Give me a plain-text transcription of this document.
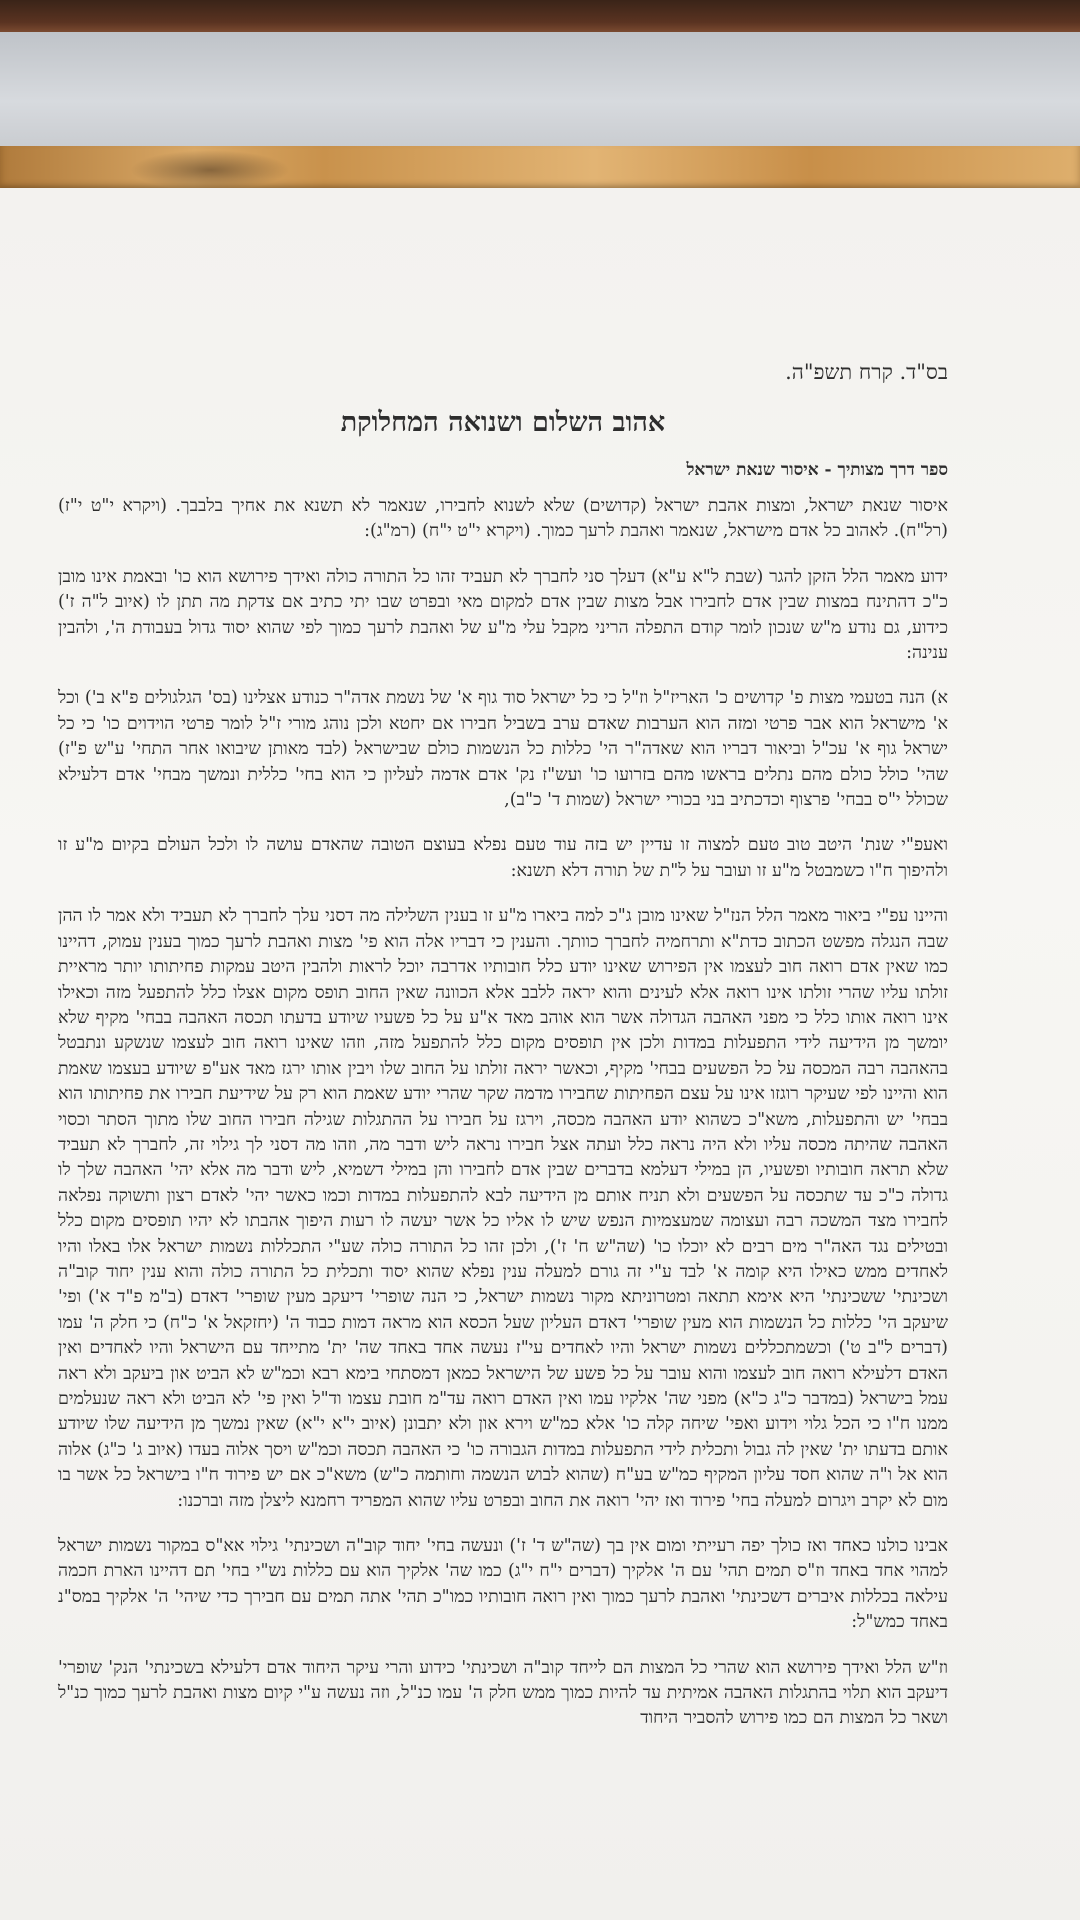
בס"ד. קרח תשפ"ה.
אהוב השלום ושנואה המחלוקת
ספר דרך מצותיך - איסור שנאת ישראל

איסור שנאת ישראל, ומצות אהבת ישראל (קדושים) שלא לשנוא לחבירו, שנאמר לא תשנא את אחיך בלבבך. (ויקרא י"ט י"ז) (רל"ח). לאהוב כל אדם מישראל, שנאמר ואהבת לרעך כמוך. (ויקרא י"ט י"ח) (רמ"ג):

ידוע מאמר הלל הזקן להגר (שבת ל"א ע"א) דעלך סני לחברך לא תעביד זהו כל התורה כולה ואידך פירושא הוא כו' ובאמת אינו מובן כ"כ דהתינח במצות שבין אדם לחבירו אבל מצות שבין אדם למקום מאי ובפרט שבו יתי כתיב אם צדקת מה תתן לו (איוב ל"ה ז') כידוע, גם נודע מ"ש שנכון לומר קודם התפלה הריני מקבל עלי מ"ע של ואהבת לרעך כמוך לפי שהוא יסוד גדול בעבודת ה', ולהבין ענינה:

א) הנה בטעמי מצות פ' קדושים כ' האריז"ל וז"ל כי כל ישראל סוד גוף א' של נשמת אדה"ר כנודע אצלינו (בס' הגלגולים פ"א ב') וכל א' מישראל הוא אבר פרטי ומזה הוא הערבות שאדם ערב בשביל חבירו אם יחטא ולכן נוהג מורי ז"ל לומר פרטי הוידוים כו' כי כל ישראל גוף א' עכ"ל וביאור דבריו הוא שאדה"ר הי' כללות כל הנשמות כולם שבישראל (לבד מאותן שיבואו אחר התחי' ע"ש פ"ז) שהי' כולל כולם מהם נתלים בראשו מהם בזרועו כו' ועש"ז נק' אדם אדמה לעליון כי הוא בחי' כללית ונמשך מבחי' אדם דלעילא שכולל י"ס בבחי' פרצוף וכדכתיב בני בכורי ישראל (שמות ד' כ"ב),

ואעפ"י שנת' היטב טוב טעם למצוה זו עדיין יש בזה עוד טעם נפלא בעוצם הטובה שהאדם עושה לו ולכל העולם בקיום מ"ע זו ולהיפוך ח"ו כשמבטל מ"ע זו ועובר על ל"ת של תורה דלא תשנא:

והיינו עפ"י ביאור מאמר הלל הנז"ל שאינו מובן ג"כ למה ביארו מ"ע זו בענין השלילה מה דסני עלך לחברך לא תעביד ולא אמר לו ההן שבה הנגלה מפשט הכתוב כדת"א ותרחמיה לחברך כוותך. והענין כי דבריו אלה הוא פי' מצות ואהבת לרעך כמוך בענין עמוק, דהיינו כמו שאין אדם רואה חוב לעצמו אין הפירוש שאינו יודע כלל חובותיו אדרבה יוכל לראות ולהבין היטב עמקות פחיתותו יותר מראיית זולתו עליו שהרי זולתו אינו רואה אלא לעינים והוא יראה ללבב אלא הכוונה שאין החוב תופס מקום אצלו כלל להתפעל מזה וכאילו אינו רואה אותו כלל כי מפני האהבה הגדולה אשר הוא אוהב מאד א"ע על כל פשעיו שיודע בדעתו תכסה האהבה בבחי' מקיף שלא יומשך מן הידיעה לידי התפעלות במדות ולכן אין תופסים מקום כלל להתפעל מזה, וזהו שאינו רואה חוב לעצמו שנשקע ונתבטל בהאהבה רבה המכסה על כל הפשעים בבחי' מקיף, וכאשר יראה זולתו על החוב שלו ויבין אותו ירגז מאד אע"פ שיודע בעצמו שאמת הוא והיינו לפי שעיקר רוגזו אינו על עצם הפחיתות שחבירו מדמה שקר שהרי יודע שאמת הוא רק על שידיעת חבירו את פחיתותו הוא בבחי' יש והתפעלות, משא"כ כשהוא יודע האהבה מכסה, וירגז על חבירו על ההתגלות שגילה חבירו החוב שלו מתוך הסתר וכסוי האהבה שהיתה מכסה עליו ולא היה נראה כלל ועתה אצל חבירו נראה ליש ודבר מה, וזהו מה דסני לך גילוי זה, לחברך לא תעביד שלא תראה חובותיו ופשעיו, הן במילי דעלמא בדברים שבין אדם לחבירו והן במילי דשמיא, ליש ודבר מה אלא יהי' האהבה שלך לו גדולה כ"כ עד שתכסה על הפשעים ולא תניח אותם מן הידיעה לבא להתפעלות במדות וכמו כאשר יהי' לאדם רצון ותשוקה נפלאה לחבירו מצד המשכה רבה ועצומה שמעצמיות הנפש שיש לו אליו כל אשר יעשה לו רעות היפוך אהבתו לא יהיו תופסים מקום כלל ובטילים נגד האה"ר מים רבים לא יוכלו כו' (שה"ש ח' ז'), ולכן זהו כל התורה כולה שע"י התכללות נשמות ישראל אלו באלו והיו לאחדים ממש כאילו היא קומה א' לבד ע"י זה גורם למעלה ענין נפלא שהוא יסוד ותכלית כל התורה כולה והוא ענין יחוד קוב"ה ושכינתי' ששכינתי' היא אימא תתאה ומטרוניתא מקור נשמות ישראל, כי הנה שופרי' דיעקב מעין שופרי' דאדם (ב"מ פ"ד א') ופי' שיעקב הי' כללות כל הנשמות הוא מעין שופרי' דאדם העליון שעל הכסא הוא מראה דמות כבוד ה' (יחזקאל א' כ"ח) כי חלק ה' עמו (דברים ל"ב ט') וכשמתכללים נשמות ישראל והיו לאחדים עי"ז נעשה אחד באחד שה' ית' מתייחד עם הישראל והיו לאחדים ואין האדם דלעילא רואה חוב לעצמו והוא עובר על כל פשע של הישראל כמאן דמסתחי בימא רבא וכמ"ש לא הביט און ביעקב ולא ראה עמל בישראל (במדבר כ"ג כ"א) מפני שה' אלקיו עמו ואין האדם רואה עד"מ חובת עצמו וד"ל ואין פי' לא הביט ולא ראה שנעלמים ממנו ח"ו כי הכל גלוי וידוע ואפי' שיחה קלה כו' אלא כמ"ש וירא און ולא יתבונן (איוב י"א י"א) שאין נמשך מן הידיעה שלו שיודע אותם בדעתו ית' שאין לה גבול ותכלית לידי התפעלות במדות הגבורה כו' כי האהבה תכסה וכמ"ש ויסך אלוה בעדו (איוב ג' כ"ג) אלוה הוא אל ו"ה שהוא חסד עליון המקיף כמ"ש בע"ח (שהוא לבוש הנשמה וחותמה כ"ש) משא"כ אם יש פירוד ח"ו בישראל כל אשר בו מום לא יקרב ויגרום למעלה בחי' פירוד ואז יהי' רואה את החוב ובפרט עליו שהוא המפריד רחמנא ליצלן מזה וברכנו:

אבינו כולנו כאחד ואז כולך יפה רעייתי ומום אין בך (שה"ש ד' ז') ונעשה בחי' יחוד קוב"ה ושכינתי' גילוי אא"ס במקור נשמות ישראל למהוי אחד באחד וז"ס תמים תהי' עם ה' אלקיך (דברים י"ח י"ג) כמו שה' אלקיך הוא עם כללות נש"י בחי' תם דהיינו הארת חכמה עילאה בכללות איברים דשכינתי' ואהבת לרעך כמוך ואין רואה חובותיו כמו"כ תהי' אתה תמים עם חבירך כדי שיהי' ה' אלקיך במס"נ באחד כמש"ל:

וז"ש הלל ואידך פירושא הוא שהרי כל המצות הם לייחד קוב"ה ושכינתי' כידוע והרי עיקר היחוד אדם דלעילא בשכינתי' הנק' שופרי' דיעקב הוא תלוי בהתגלות האהבה אמיתית עד להיות כמוך ממש חלק ה' עמו כנ"ל, וזה נעשה ע"י קיום מצות ואהבת לרעך כמוך כנ"ל ושאר כל המצות הם כמו פירוש להסביר היחוד
